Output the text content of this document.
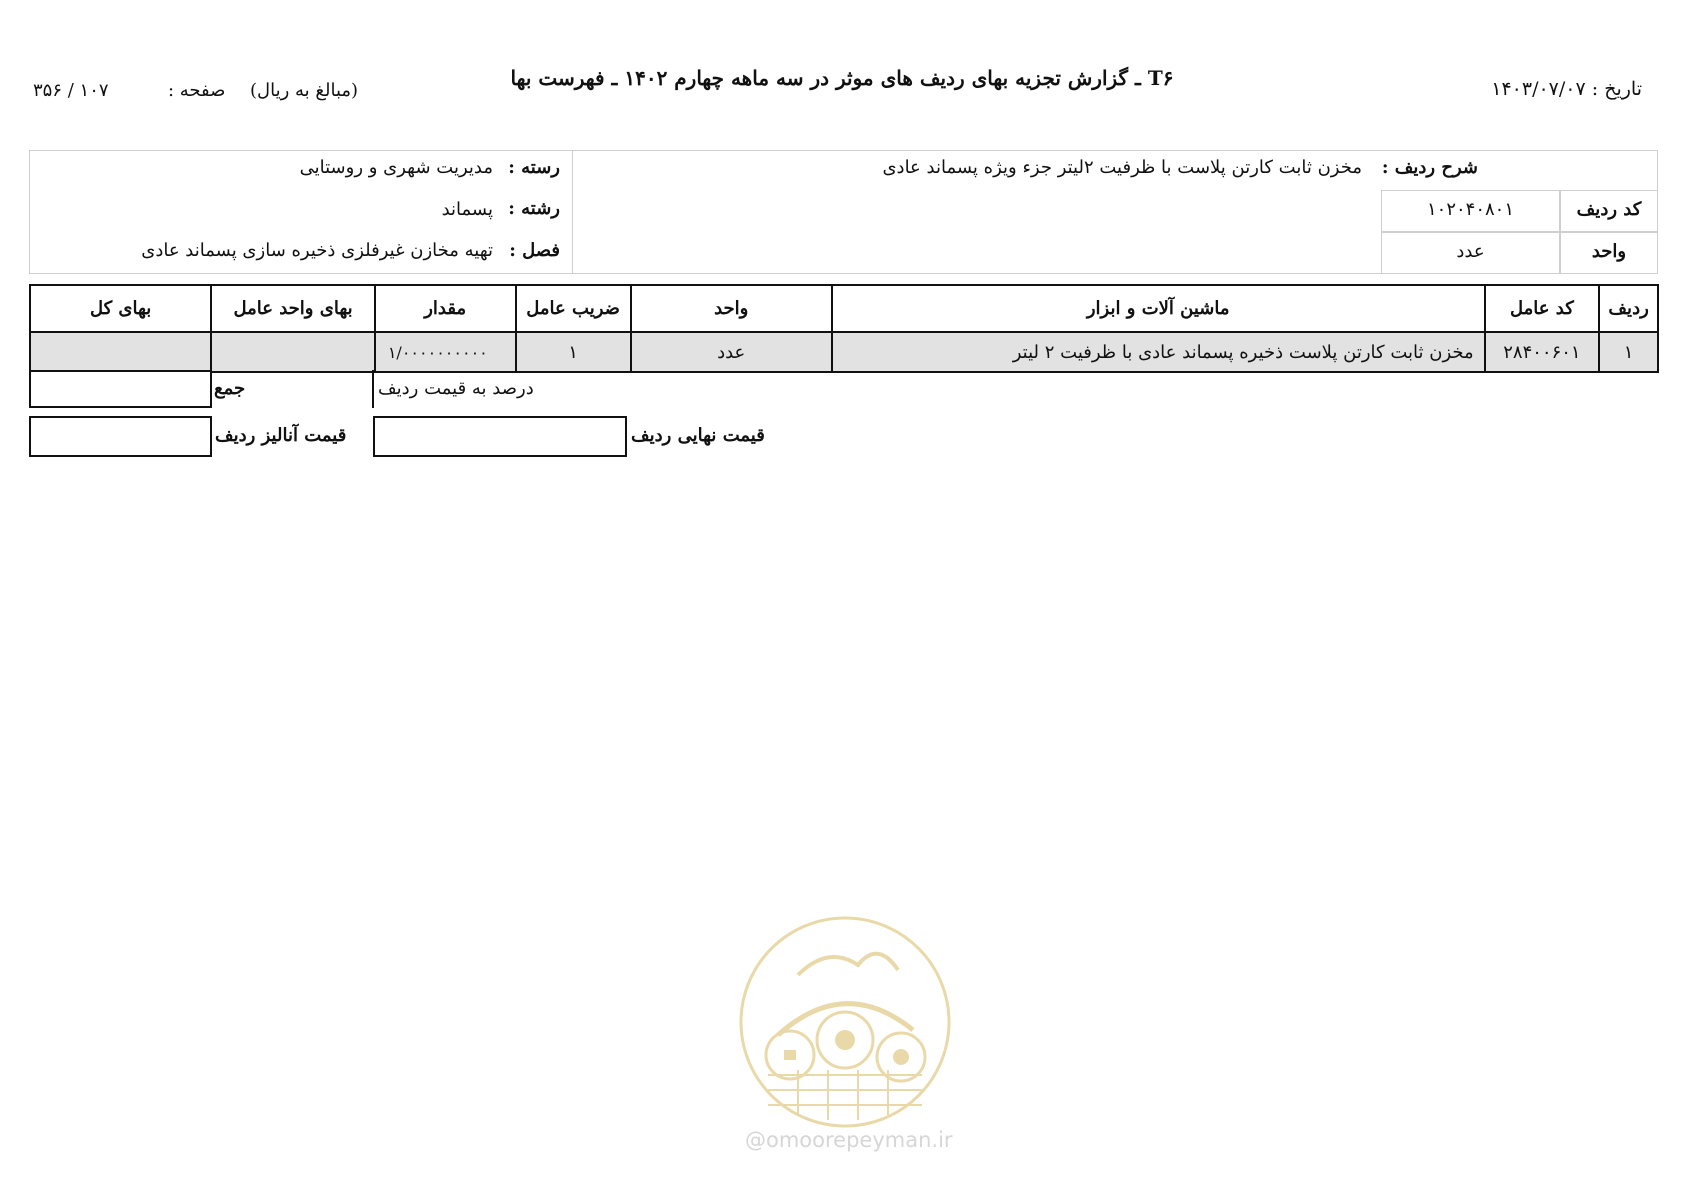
تاریخ : ۱۴۰۳/۰۷/۰۷
T۶ ـ گزارش تجزیه بهای ردیف های موثر در سه ماهه چهارم ۱۴۰۲ ـ فهرست بها
(مبالغ به ریال)
صفحه :
۱۰۷ / ۳۵۶
رسته :
مدیریت شهری و روستایی
رشته :
پسماند
فصل :
تهیه مخازن غیرفلزی ذخیره سازی پسماند عادی
شرح ردیف :
مخزن ثابت کارتن پلاست با ظرفیت ۲لیتر جزء ویژه پسماند عادی
کد ردیف
۱۰۲۰۴۰۸۰۱
واحد
عدد
ردیف	کد عامل	ماشین آلات و ابزار	واحد	ضریب عامل	مقدار	بهای واحد عامل	بهای کل
۱	۲۸۴۰۰۶۰۱	مخزن ثابت کارتن پلاست ذخیره پسماند عادی با ظرفیت ۲ لیتر	عدد	۱	۱/۰۰۰۰۰۰۰۰۰۰		
جمع	درصد به قیمت ردیف
قیمت آنالیز ردیف	قیمت نهایی ردیف
@omoorepeyman.ir
